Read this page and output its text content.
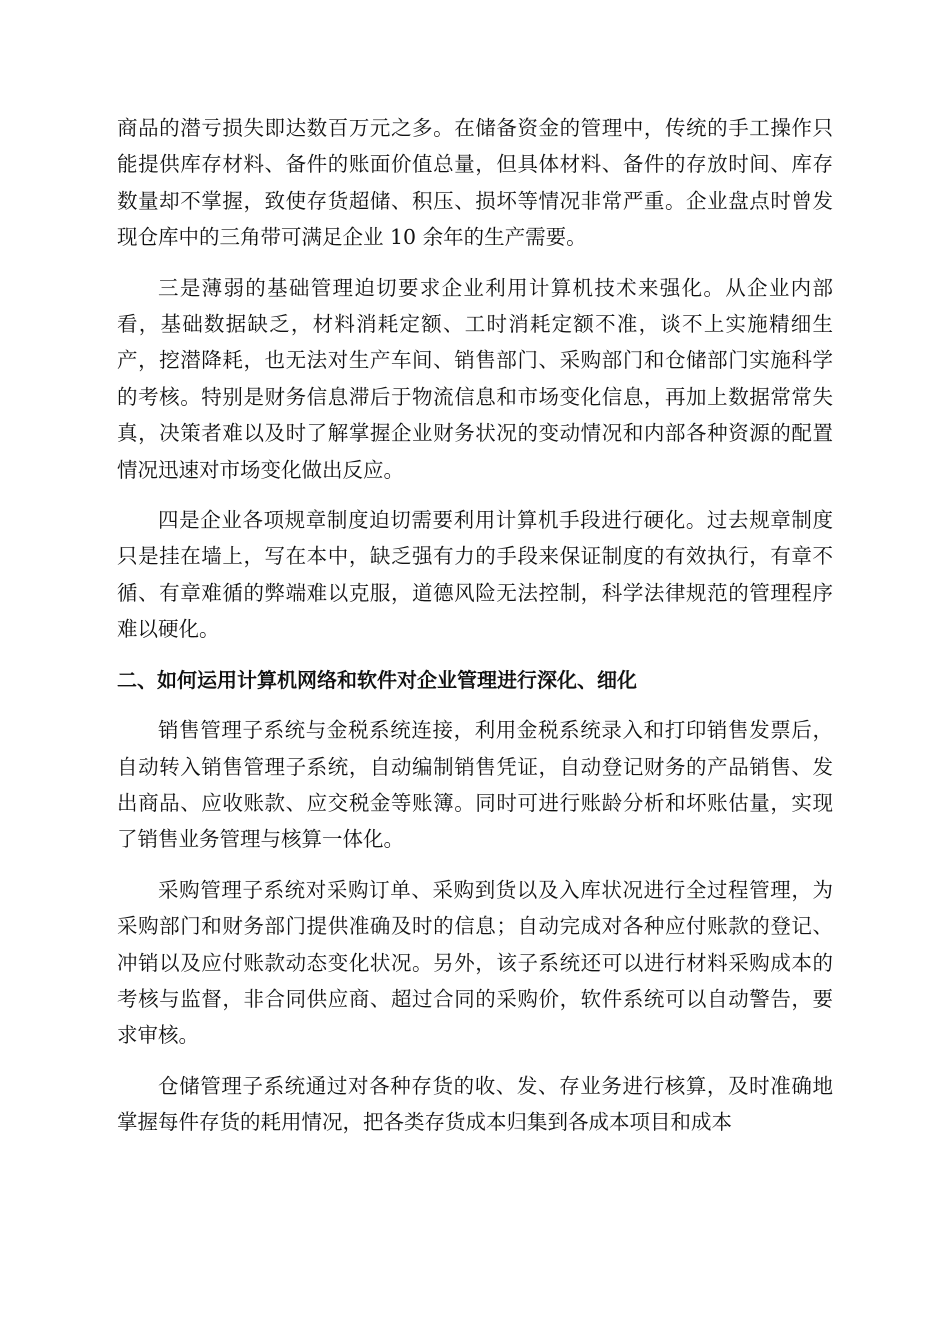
商品的潜亏损失即达数百万元之多。在储备资金的管理中，传统的手工操作只能提供库存材料、备件的账面价值总量，但具体材料、备件的存放时间、库存数量却不掌握，致使存货超储、积压、损坏等情况非常严重。企业盘点时曾发现仓库中的三角带可满足企业 10 余年的生产需要。

三是薄弱的基础管理迫切要求企业利用计算机技术来强化。从企业内部看，基础数据缺乏，材料消耗定额、工时消耗定额不准，谈不上实施精细生产，挖潜降耗，也无法对生产车间、销售部门、采购部门和仓储部门实施科学的考核。特别是财务信息滞后于物流信息和市场变化信息，再加上数据常常失真，决策者难以及时了解掌握企业财务状况的变动情况和内部各种资源的配置情况迅速对市场变化做出反应。

四是企业各项规章制度迫切需要利用计算机手段进行硬化。过去规章制度只是挂在墙上，写在本中，缺乏强有力的手段来保证制度的有效执行，有章不循、有章难循的弊端难以克服，道德风险无法控制，科学法律规范的管理程序难以硬化。

二、如何运用计算机网络和软件对企业管理进行深化、细化

销售管理子系统与金税系统连接，利用金税系统录入和打印销售发票后，自动转入销售管理子系统，自动编制销售凭证，自动登记财务的产品销售、发出商品、应收账款、应交税金等账簿。同时可进行账龄分析和坏账估量，实现了销售业务管理与核算一体化。

采购管理子系统对采购订单、采购到货以及入库状况进行全过程管理，为采购部门和财务部门提供准确及时的信息；自动完成对各种应付账款的登记、冲销以及应付账款动态变化状况。另外，该子系统还可以进行材料采购成本的考核与监督，非合同供应商、超过合同的采购价，软件系统可以自动警告，要求审核。

仓储管理子系统通过对各种存货的收、发、存业务进行核算，及时准确地掌握每件存货的耗用情况，把各类存货成本归集到各成本项目和成本
